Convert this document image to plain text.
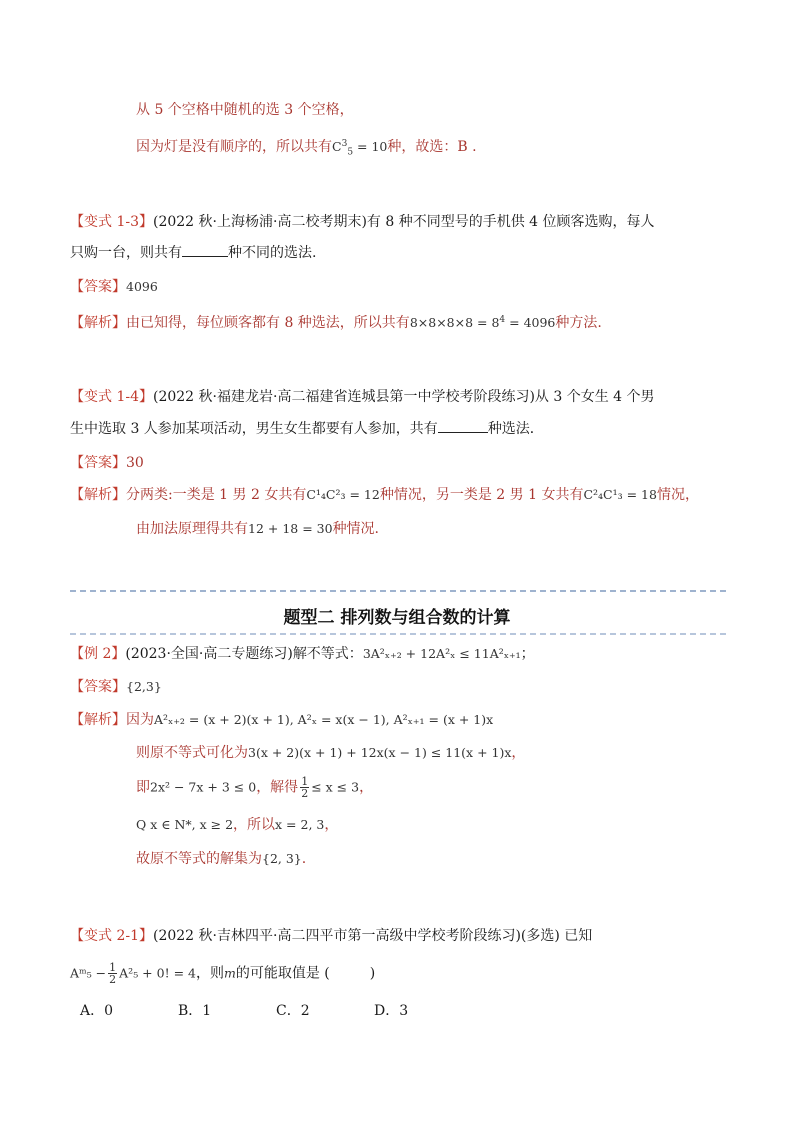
从 5 个空格中随机的选 3 个空格，
因为灯是没有顺序的，所以共有$C^3_5 = 10$种，故选：B .
【变式 1-3】(2022 秋·上海杨浦·高二校考期末)有 8 种不同型号的手机供 4 位顾客选购，每人
只购一台，则共有	种不同的选法.
【答案】4096
【解析】由已知得，每位顾客都有 8 种选法，所以共有$8\times 8\times 8\times 8 = 8^4 = 4096$种方法.
【变式 1-4】(2022 秋·福建龙岩·高二福建省连城县第一中学校考阶段练习)从 3 个女生 4 个男
生中选取 3 人参加某项活动，男生女生都要有人参加，共有	种选法．
【答案】30
【解析】分两类:一类是 1 男 2 女共有C¹₄C²₃ = 12种情况，另一类是 2 男 1 女共有C²₄C¹₃ = 18情况，
由加法原理得共有12 + 18 = 30种情况.
题型二 排列数与组合数的计算
【例 2】(2023·全国·高二专题练习)解不等式：3A²ₓ₊₂ + 12A²ₓ ≤ 11A²ₓ₊₁；
【答案】{2,3}
【解析】因为A²ₓ₊₂ = (x + 2)(x + 1), A²ₓ = x(x − 1), A²ₓ₊₁ = (x + 1)x
则原不等式可化为3(x + 2)(x + 1) + 12x(x − 1) ≤ 11(x + 1)x，
即2x² − 7x + 3 ≤ 0，解得 $\frac{1}{2} \le x \le 3$，
Q x ∈ N*, x ≥ 2，所以x = 2, 3，
故原不等式的解集为{2, 3}.
【变式 2-1】(2022 秋·吉林四平·高二四平市第一高级中学校考阶段练习)(多选) 已知
Aᵐ₅ − $\frac{1}{2} A^2_5 + 0$! = 4，则m的可能取值是 (	)
A．0	B．1	C．2	D．3
